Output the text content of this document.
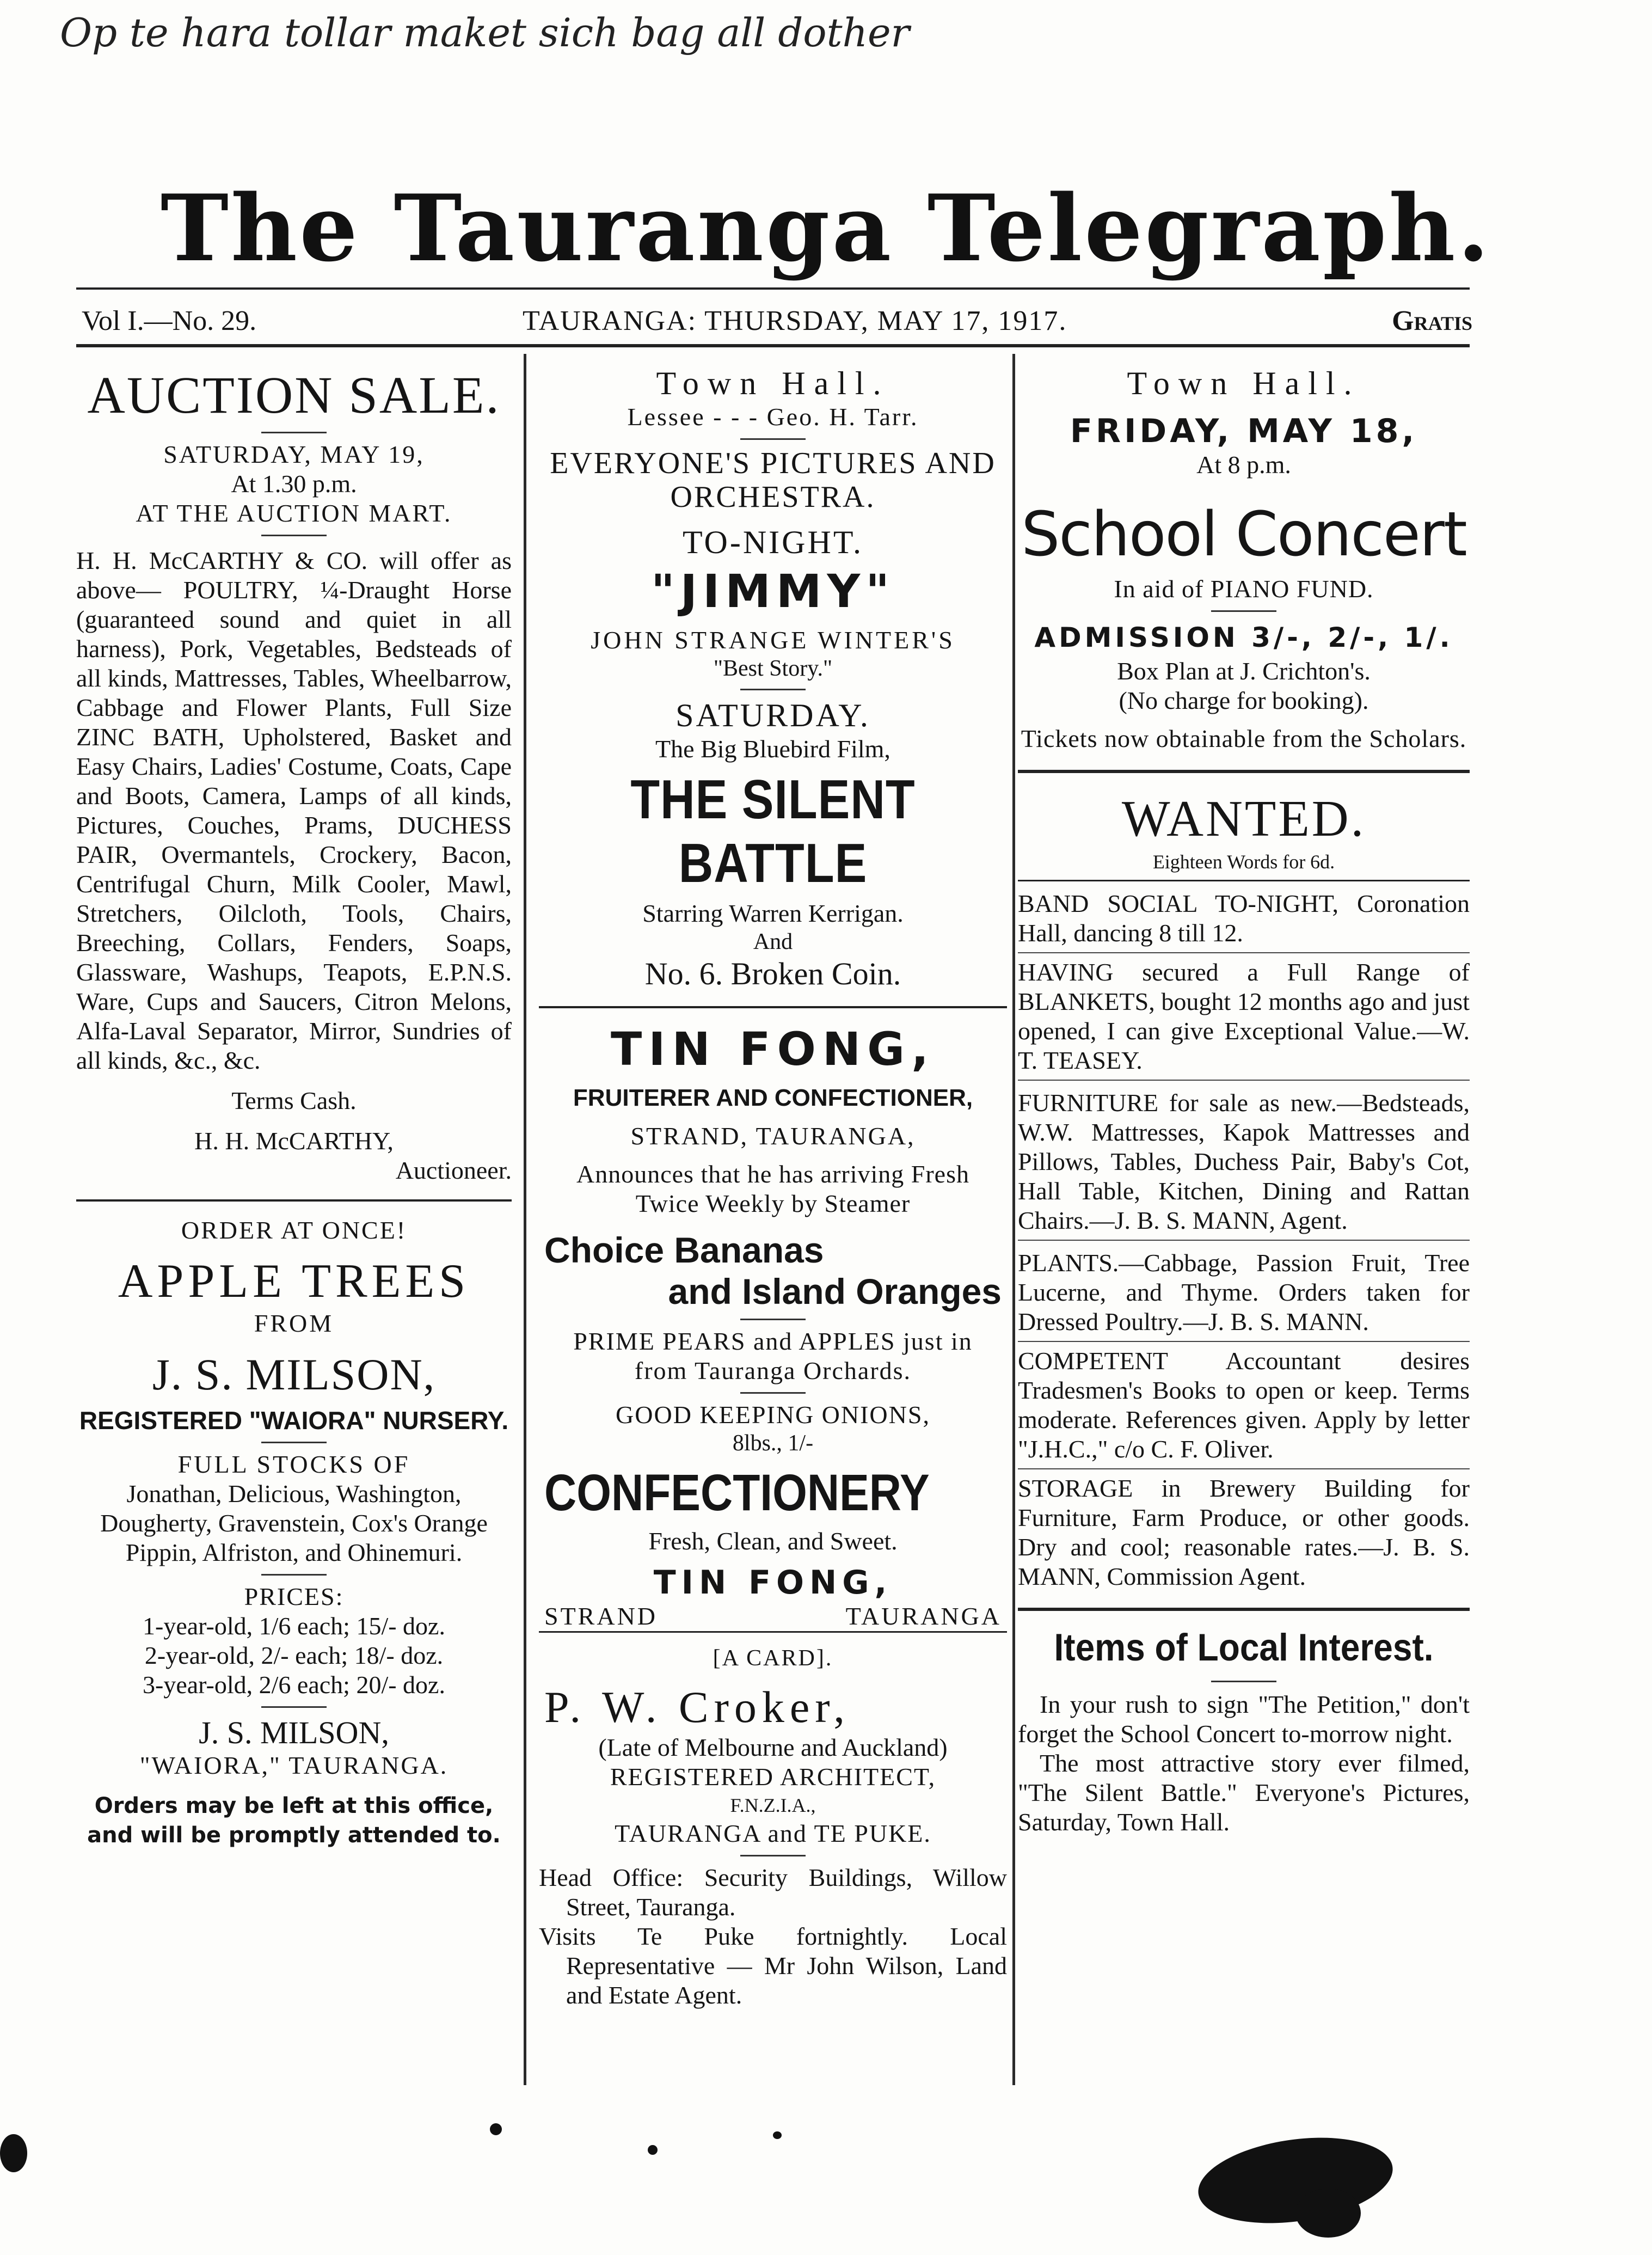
Op te hara tollar maket sich bag all dother
The Tauranga Telegraph.
Vol I.—No. 29.	TAURANGA: THURSDAY, MAY 17, 1917.	Gratis
AUCTION SALE.
SATURDAY, MAY 19,
At 1.30 p.m.
AT THE AUCTION MART.

H. H. McCARTHY & CO. will offer as above— POULTRY, ¼-Draught Horse (guaranteed sound and quiet in all harness), Pork, Vegetables, Bedsteads of all kinds, Mattresses, Tables, Wheelbarrow, Cabbage and Flower Plants, Full Size ZINC BATH, Upholstered, Basket and Easy Chairs, Ladies' Costume, Coats, Cape and Boots, Camera, Lamps of all kinds, Pictures, Couches, Prams, DUCHESS PAIR, Overmantels, Crockery, Bacon, Centrifugal Churn, Milk Cooler, Mawl, Stretchers, Oilcloth, Tools, Chairs, Breeching, Collars, Fenders, Soaps, Glassware, Washups, Teapots, E.P.N.S. Ware, Cups and Saucers, Citron Melons, Alfa-Laval Separator, Mirror, Sundries of all kinds, &c., &c.

Terms Cash.
H. H. McCARTHY,
Auctioneer.
ORDER AT ONCE!
APPLE TREES
FROM
J. S. MILSON,
REGISTERED "WAIORA" NURSERY.
FULL STOCKS OF

Jonathan, Delicious, Washington, Dougherty, Gravenstein, Cox's Orange Pippin, Alfriston, and Ohinemuri.

PRICES:
1-year-old, 1/6 each; 15/- doz.
2-year-old, 2/- each; 18/- doz.
3-year-old, 2/6 each; 20/- doz.
J. S. MILSON,
"WAIORA," TAURANGA.

Orders may be left at this office, and will be promptly attended to.

Town Hall.
Lessee - - - Geo. H. Tarr.
EVERYONE'S PICTURES AND ORCHESTRA.
TO-NIGHT.
"JIMMY"
JOHN STRANGE WINTER'S
"Best Story."
SATURDAY.
The Big Bluebird Film,
THE SILENT BATTLE
Starring Warren Kerrigan.
And
No. 6. Broken Coin.
TIN FONG,
FRUITERER AND CONFECTIONER,
STRAND, TAURANGA,

Announces that he has arriving Fresh Twice Weekly by Steamer

Choice Bananas
and Island Oranges

PRIME PEARS and APPLES just in from Tauranga Orchards.

GOOD KEEPING ONIONS,
8lbs., 1/-
CONFECTIONERY
Fresh, Clean, and Sweet.
TIN FONG,
STRAND	TAURANGA
[A CARD].
P. W. Croker,
(Late of Melbourne and Auckland)
REGISTERED ARCHITECT,
F.N.Z.I.A.,
TAURANGA and TE PUKE.

Head Office: Security Buildings, Willow Street, Tauranga.

Visits Te Puke fortnightly. Local Representative — Mr John Wilson, Land and Estate Agent.

Town Hall.
FRIDAY, MAY 18,
At 8 p.m.
School Concert
In aid of PIANO FUND.
ADMISSION 3/-, 2/-, 1/.
Box Plan at J. Crichton's.
(No charge for booking).

Tickets now obtainable from the Scholars.

WANTED.
Eighteen Words for 6d.

BAND SOCIAL TO-NIGHT, Coronation Hall, dancing 8 till 12.

HAVING secured a Full Range of BLANKETS, bought 12 months ago and just opened, I can give Exceptional Value.—W. T. TEASEY.

FURNITURE for sale as new.—Bedsteads, W.W. Mattresses, Kapok Mattresses and Pillows, Tables, Duchess Pair, Baby's Cot, Hall Table, Kitchen, Dining and Rattan Chairs.—J. B. S. MANN, Agent.

PLANTS.—Cabbage, Passion Fruit, Tree Lucerne, and Thyme. Orders taken for Dressed Poultry.—J. B. S. MANN.

COMPETENT Accountant desires Tradesmen's Books to open or keep. Terms moderate. References given. Apply by letter "J.H.C.," c/o C. F. Oliver.

STORAGE in Brewery Building for Furniture, Farm Produce, or other goods. Dry and cool; reasonable rates.—J. B. S. MANN, Commission Agent.

Items of Local Interest.

In your rush to sign "The Petition," don't forget the School Concert to-morrow night.

The most attractive story ever filmed, "The Silent Battle." Everyone's Pictures, Saturday, Town Hall.
